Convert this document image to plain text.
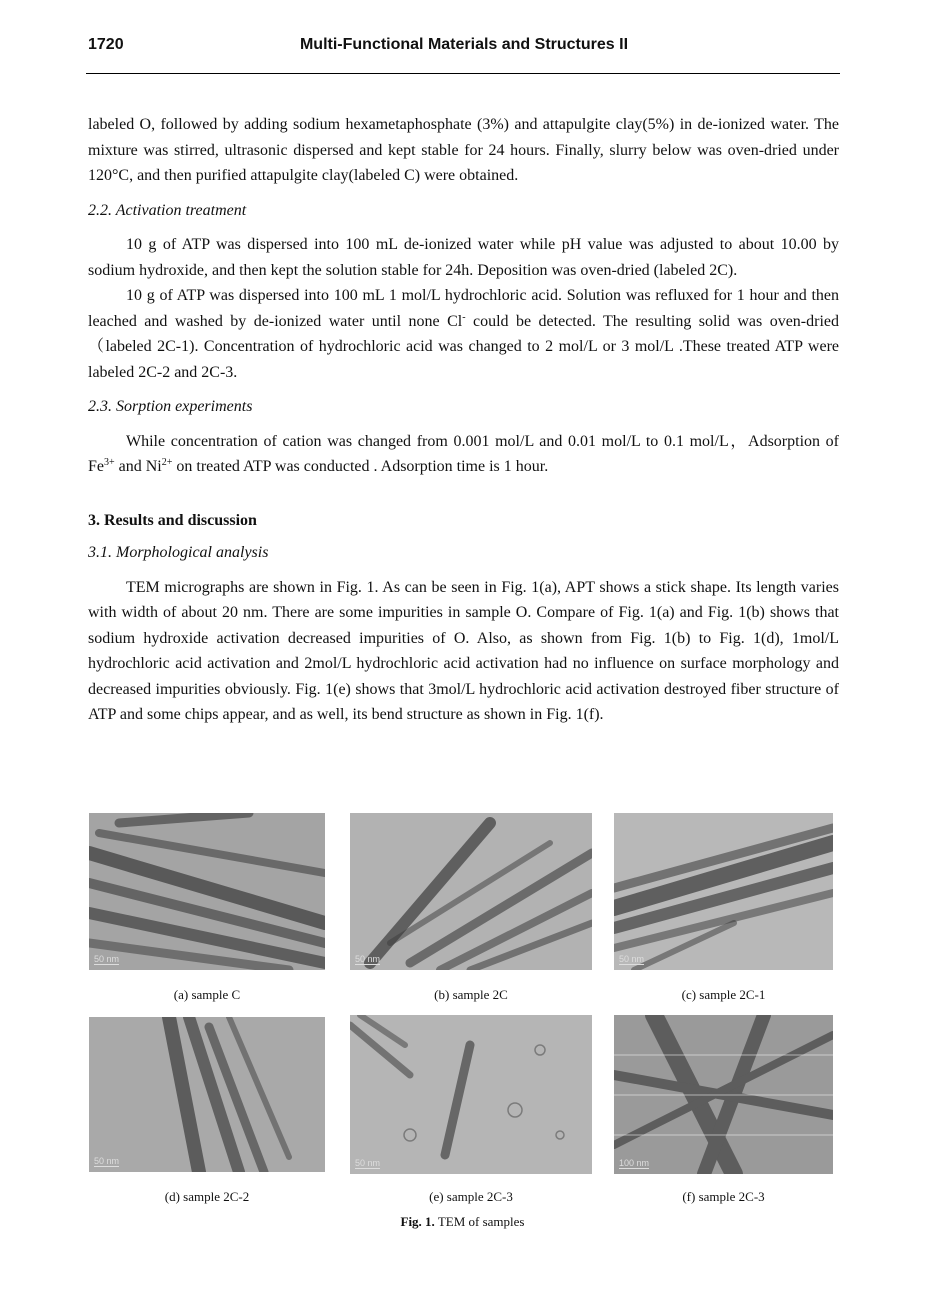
1720	Multi-Functional Materials and Structures II

labeled O, followed by adding sodium hexametaphosphate (3%) and attapulgite clay(5%) in de-ionized water. The mixture was stirred, ultrasonic dispersed and kept stable for 24 hours. Finally, slurry below was oven-dried under 120°C, and then purified attapulgite clay(labeled C) were obtained.

2.2. Activation treatment

10 g of ATP was dispersed into 100 mL de-ionized water while pH value was adjusted to about 10.00 by sodium hydroxide, and then kept the solution stable for 24h. Deposition was oven-dried (labeled 2C).

10 g of ATP was dispersed into 100 mL 1 mol/L hydrochloric acid. Solution was refluxed for 1 hour and then leached and washed by de-ionized water until none Cl- could be detected. The resulting solid was oven-dried（labeled 2C-1). Concentration of hydrochloric acid was changed to 2 mol/L or 3 mol/L .These treated ATP were labeled 2C-2 and 2C-3.

2.3. Sorption experiments

While concentration of cation was changed from 0.001 mol/L and 0.01 mol/L to 0.1 mol/L，Adsorption of $Fe^{3+}$ and $Ni^{2+}$ on treated ATP was conducted . Adsorption time is 1 hour.

3. Results and discussion

3.1. Morphological analysis

TEM micrographs are shown in Fig. 1. As can be seen in Fig. 1(a), APT shows a stick shape. Its length varies with width of about 20 nm. There are some impurities in sample O. Compare of Fig. 1(a) and Fig. 1(b) shows that sodium hydroxide activation decreased impurities of O. Also, as shown from Fig. 1(b) to Fig. 1(d), 1mol/L hydrochloric acid activation and 2mol/L hydrochloric acid activation had no influence on surface morphology and decreased impurities obviously. Fig. 1(e) shows that 3mol/L hydrochloric acid activation destroyed fiber structure of ATP and some chips appear, and as well, its bend structure as shown in Fig. 1(f).

50 nm	50 nm	50 nm
(a) sample C	(b) sample 2C	(c) sample 2C-1
50 nm	50 nm	100 nm
(d) sample 2C-2	(e) sample 2C-3	(f) sample 2C-3
Fig. 1. TEM of samples
